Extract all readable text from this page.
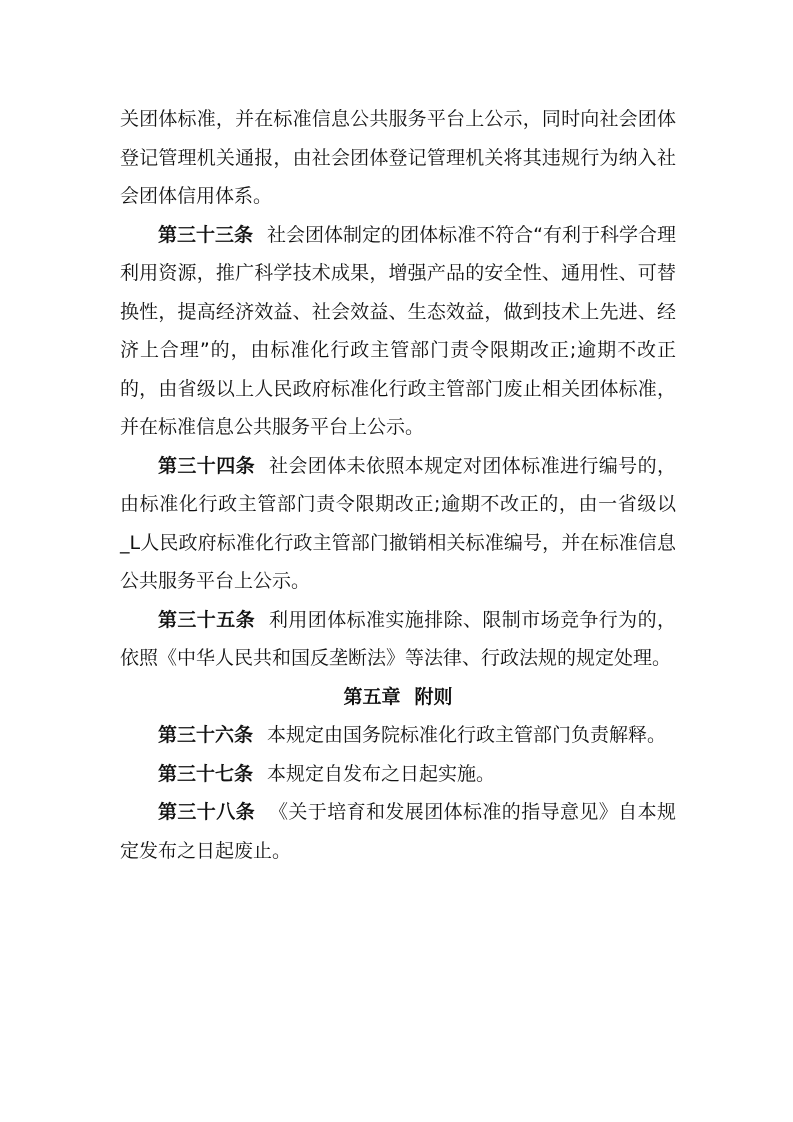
关团体标准，并在标准信息公共服务平台上公示，同时向社会团体登记管理机关通报，由社会团体登记管理机关将其违规行为纳入社会团体信用体系。

第三十三条 社会团体制定的团体标准不符合“有利于科学合理利用资源，推广科学技术成果，增强产品的安全性、通用性、可替换性，提高经济效益、社会效益、生态效益，做到技术上先进、经济上合理”的，由标准化行政主管部门责令限期改正;逾期不改正的，由省级以上人民政府标准化行政主管部门废止相关团体标准，并在标准信息公共服务平台上公示。

第三十四条 社会团体未依照本规定对团体标准进行编号的，由标准化行政主管部门责令限期改正;逾期不改正的，由一省级以_L人民政府标准化行政主管部门撤销相关标准编号，并在标准信息公共服务平台上公示。

第三十五条 利用团体标准实施排除、限制市场竞争行为的，依照《中华人民共和国反垄断法》等法律、行政法规的规定处理。

第五章 附则

第三十六条 本规定由国务院标准化行政主管部门负责解释。

第三十七条 本规定自发布之日起实施。

第三十八条 《关于培育和发展团体标准的指导意见》自本规定发布之日起废止。
